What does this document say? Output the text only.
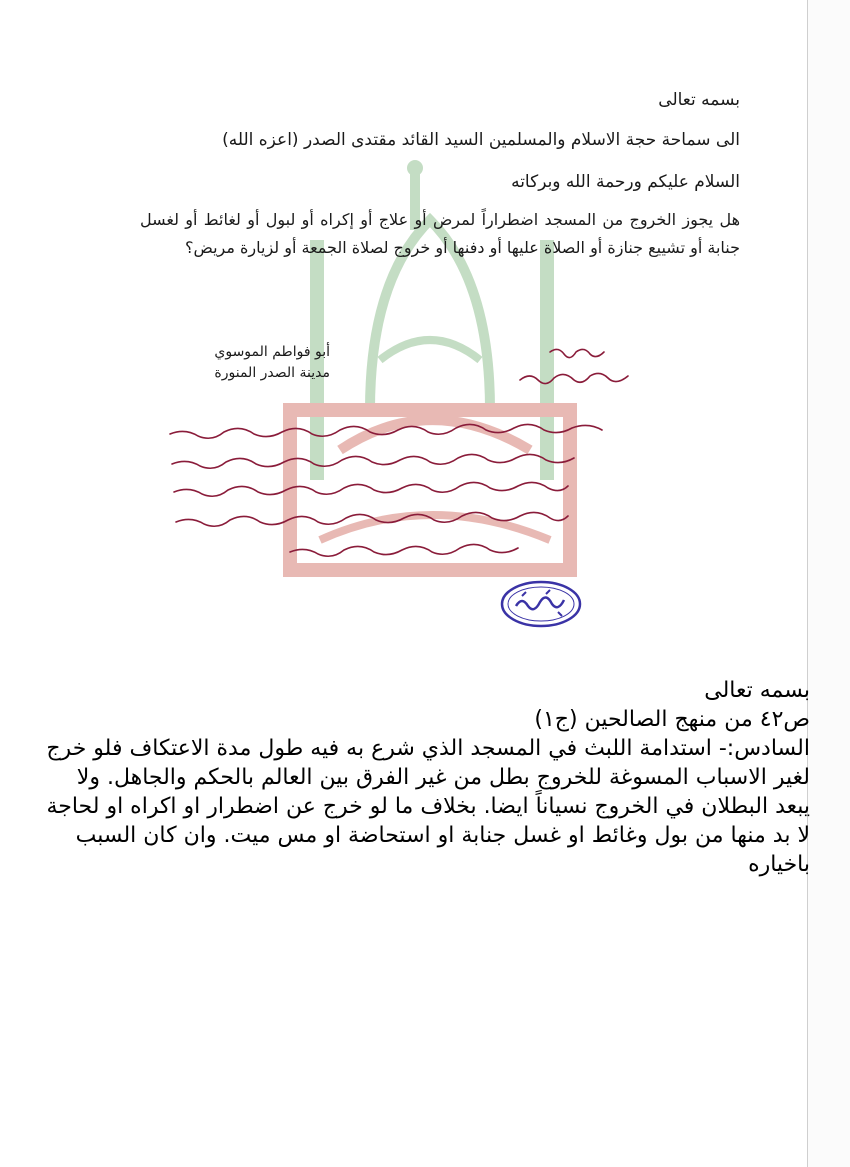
بسمه تعالى

الى سماحة حجة الاسلام والمسلمين السيد القائد مقتدى الصدر (اعزه الله)

السلام عليكم ورحمة الله وبركاته

هل يجوز الخروج من المسجد اضطراراً لمرض أو علاج أو إكراه أو لبول أو لغائط أو لغسل جنابة أو تشييع جنازة أو الصلاة عليها أو دفنها أو خروج لصلاة الجمعة أو لزيارة مريض؟

أبو فواطم الموسوي
مدينة الصدر المنورة

بسمه تعالى

ص٤٢ من منهج الصالحين (ج١)

السادس:- استدامة اللبث في المسجد الذي شرع به فيه طول مدة الاعتكاف فلو خرج لغير الاسباب المسوغة للخروج بطل من غير الفرق بين العالم بالحكم والجاهل. ولا يبعد البطلان في الخروج نسياناً ايضا. بخلاف ما لو خرج عن اضطرار او اكراه او لحاجة لا بد منها من بول وغائط او غسل جنابة او استحاضة او مس ميت. وان كان السبب باخياره
